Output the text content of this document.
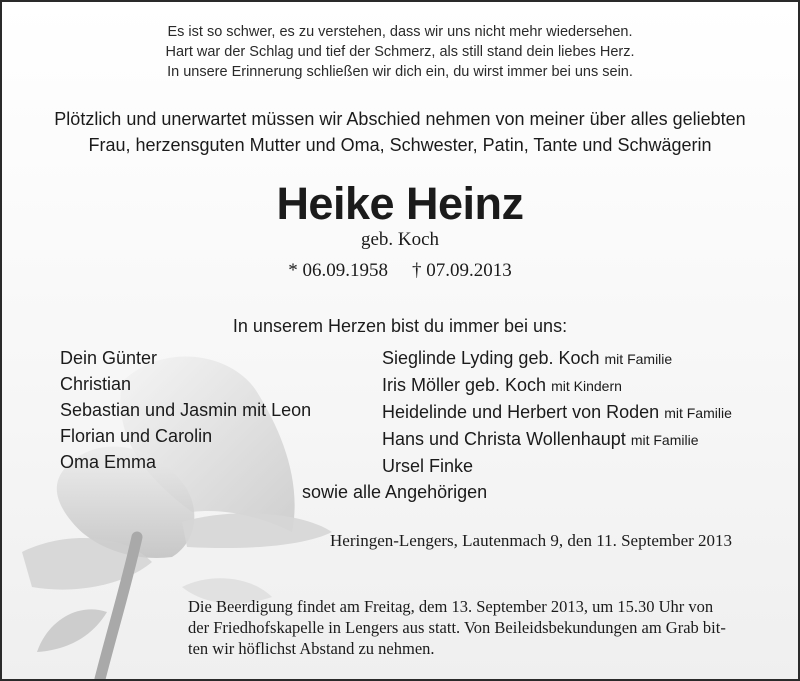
Es ist so schwer, es zu verstehen, dass wir uns nicht mehr wiedersehen.
Hart war der Schlag und tief der Schmerz, als still stand dein liebes Herz.
In unsere Erinnerung schließen wir dich ein, du wirst immer bei uns sein.
Plötzlich und unerwartet müssen wir Abschied nehmen von meiner über alles geliebten
Frau, herzensguten Mutter und Oma, Schwester, Patin, Tante und Schwägerin
Heike Heinz
geb. Koch
* 06.09.1958 † 07.09.2013
In unserem Herzen bist du immer bei uns:
Dein Günter
Christian
Sebastian und Jasmin mit Leon
Florian und Carolin
Oma Emma
Sieglinde Lyding geb. Koch mit Familie
Iris Möller geb. Koch mit Kindern
Heidelinde und Herbert von Roden mit Familie
Hans und Christa Wollenhaupt mit Familie
Ursel Finke
sowie alle Angehörigen
Heringen-Lengers, Lautenmach 9, den 11. September 2013
Die Beerdigung findet am Freitag, dem 13. September 2013, um 15.30 Uhr von
der Friedhofskapelle in Lengers aus statt. Von Beileidsbekundungen am Grab bit-
ten wir höflichst Abstand zu nehmen.
